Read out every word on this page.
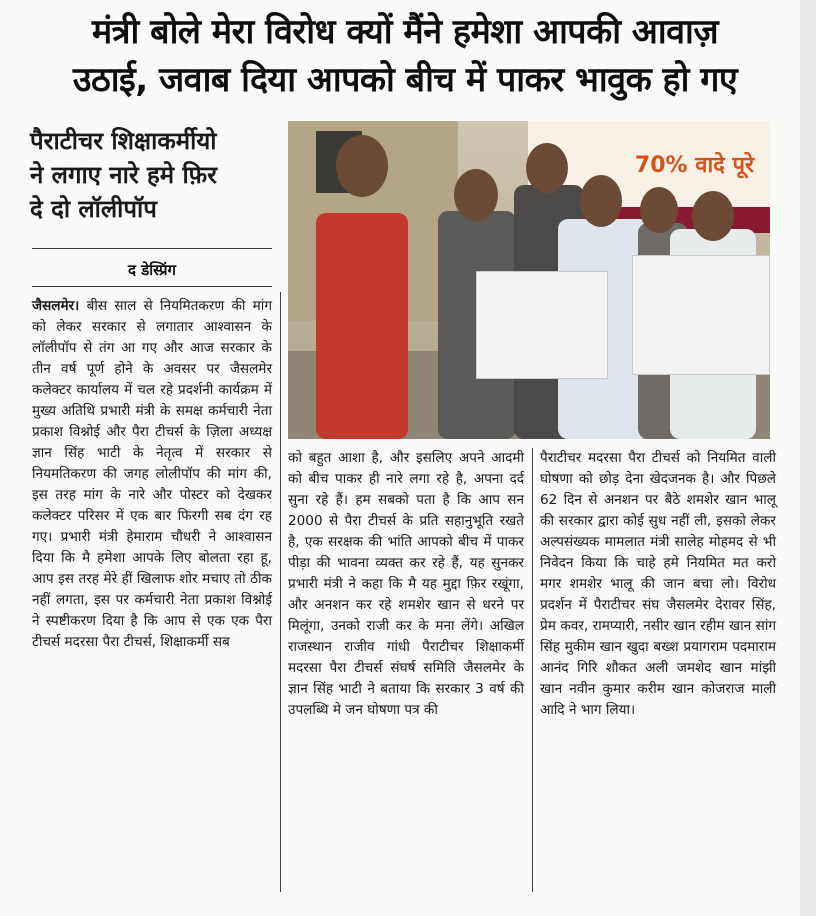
मंत्री बोले मेरा विरोध क्यों मैंने हमेशा आपकी आवाज़
उठाई, जवाब दिया आपको बीच में पाकर भावुक हो गए
पैराटीचर शिक्षाकर्मीयो
ने लगाए नारे हमे फ़िर
दे दो लॉलीपॉप
द डेस्प्रिंग
70% वादे पूरे

जैसलमेर। बीस साल से नियमितकरण की मांग को लेकर सरकार से लगातार आश्वासन के लॉलीपॉप से तंग आ गए और आज सरकार के तीन वर्ष पूर्ण होने के अवसर पर जैसलमेर कलेक्टर कार्यालय में चल रहे प्रदर्शनी कार्यक्रम में मुख्य अतिथि प्रभारी मंत्री के समक्ष कर्मचारी नेता प्रकाश विश्नोई और पैरा टीचर्स के ज़िला अध्यक्ष ज्ञान सिंह भाटी के नेतृत्व में सरकार से नियमतिकरण की जगह लोलीपॉप की मांग की, इस तरह मांग के नारे और पोस्टर को देखकर कलेक्टर परिसर में एक बार फिरगी सब दंग रह गए। प्रभारी मंत्री हेमाराम चौधरी ने आश्वासन दिया कि मै हमेशा आपके लिए बोलता रहा हू, आप इस तरह मेरे हीं खिलाफ शोर मचाए तो ठीक नहीं लगता, इस पर कर्मचारी नेता प्रकाश विश्नोई ने स्पष्टीकरण दिया है कि आप से एक एक पैरा टीचर्स मदरसा पैरा टीचर्स, शिक्षाकर्मी सब

को बहुत आशा है, और इसलिए अपने आदमी को बीच पाकर ही नारे लगा रहे है, अपना दर्द सुना रहे हैं। हम सबको पता है कि आप सन 2000 से पैरा टीचर्स के प्रति सहानुभूति रखते है, एक सरक्षक की भांति आपको बीच में पाकर पीड़ा की भावना व्यक्त कर रहे हैं, यह सुनकर प्रभारी मंत्री ने कहा कि मै यह मुद्दा फ़िर रखूंगा, और अनशन कर रहे शमशेर खान से धरने पर मिलूंगा, उनको राजी कर के मना लेंगे। अखिल राजस्थान राजीव गांधी पैराटीचर शिक्षाकर्मी मदरसा पैरा टीचर्स संघर्ष समिति जैसलमेर के ज्ञान सिंह भाटी ने बताया कि सरकार 3 वर्ष की उपलब्धि मे जन घोषणा पत्र की

पैराटीचर मदरसा पैरा टीचर्स को नियमित वाली घोषणा को छोड़ देना खेदजनक है। और पिछले 62 दिन से अनशन पर बैठे शमशेर खान भालू की सरकार द्वारा कोई सुध नहीं ली, इसको लेकर अल्पसंख्यक मामलात मंत्री सालेह मोहमद से भी निवेदन किया कि चाहे हमे नियमित मत करो मगर शमशेर भालू की जान बचा लो। विरोध प्रदर्शन में पैराटीचर संघ जैसलमेर देरावर सिंह, प्रेम कवर, रामप्यारी, नसीर खान रहीम खान सांग सिंह मुकीम खान खुदा बख्श प्रयागराम पदमाराम आनंद गिरि शौकत अली जमशेद खान मांझी खान नवीन कुमार करीम खान कोजराज माली आदि ने भाग लिया।
